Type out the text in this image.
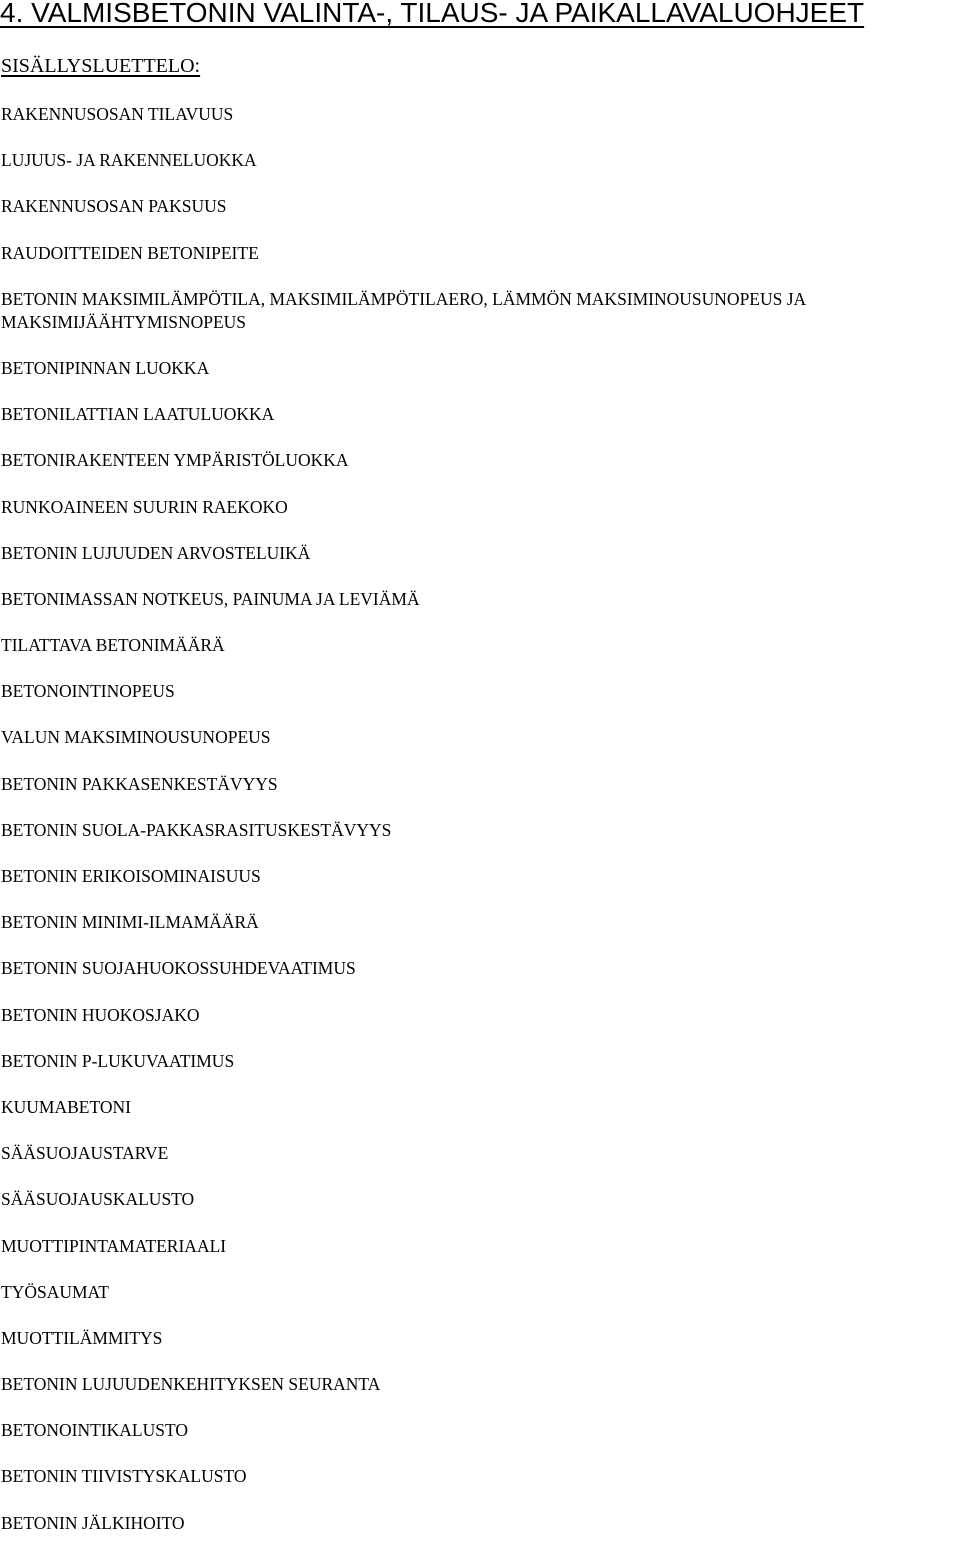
4. VALMISBETONIN VALINTA-, TILAUS- JA PAIKALLAVALUOHJEET
SISÄLLYSLUETTELO:
RAKENNUSOSAN TILAVUUS
LUJUUS- JA RAKENNELUOKKA
RAKENNUSOSAN PAKSUUS
RAUDOITTEIDEN BETONIPEITE
BETONIN MAKSIMILÄMPÖTILA, MAKSIMILÄMPÖTILAERO, LÄMMÖN MAKSIMINOUSUNOPEUS JA MAKSIMIJÄÄHTYMISNOPEUS
BETONIPINNAN LUOKKA
BETONILATTIAN LAATULUOKKA
BETONIRAKENTEEN YMPÄRISTÖLUOKKA
RUNKOAINEEN SUURIN RAEKOKO
BETONIN LUJUUDEN ARVOSTELUIKÄ
BETONIMASSAN NOTKEUS, PAINUMA JA LEVIÄMÄ
TILATTAVA BETONIMÄÄRÄ
BETONOINTINOPEUS
VALUN MAKSIMINOUSUNOPEUS
BETONIN PAKKASENKESTÄVYYS
BETONIN SUOLA-PAKKASRASITUSKESTÄVYYS
BETONIN ERIKOISOMINAISUUS
BETONIN MINIMI-ILMAMÄÄRÄ
BETONIN SUOJAHUOKOSSUHDEVAATIMUS
BETONIN HUOKOSJAKO
BETONIN P-LUKUVAATIMUS
KUUMABETONI
SÄÄSUOJAUSTARVE
SÄÄSUOJAUSKALUSTO
MUOTTIPINTAMATERIAALI
TYÖSAUMAT
MUOTTILÄMMITYS
BETONIN LUJUUDENKEHITYKSEN SEURANTA
BETONOINTIKALUSTO
BETONIN TIIVISTYSKALUSTO
BETONIN JÄLKIHOITO
